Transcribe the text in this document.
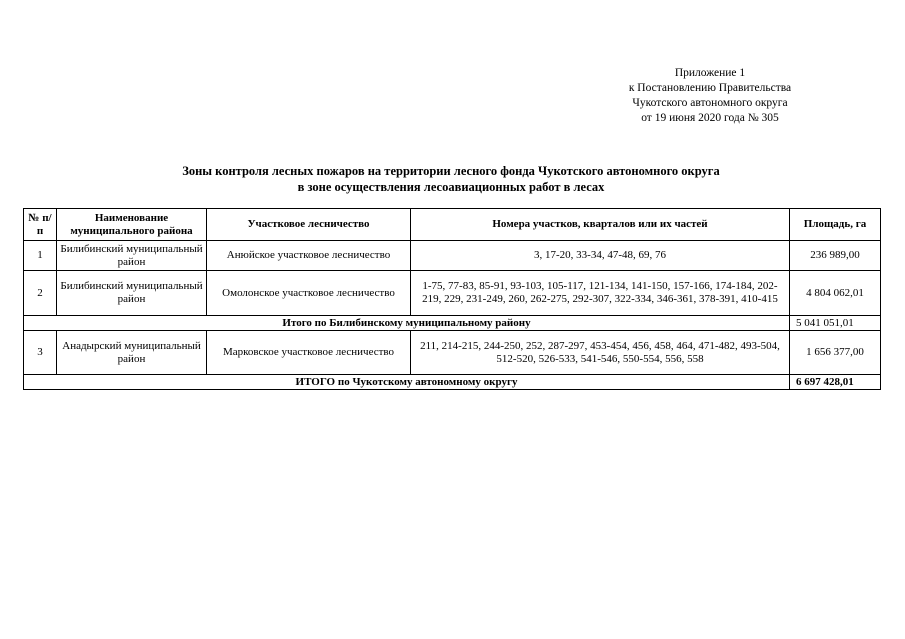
Приложение 1
к Постановлению Правительства
Чукотского автономного округа
от 19 июня 2020 года № 305
Зоны контроля лесных пожаров на территории лесного фонда Чукотского автономного округа
в зоне осуществления лесоавиационных работ в лесах
№ п/п	Наименование муниципального района	Участковое лесничество	Номера участков, кварталов или их частей	Площадь, га
1	Билибинский муниципальный район	Анюйское участковое лесничество	3, 17-20, 33-34, 47-48, 69, 76	236 989,00
2	Билибинский муниципальный район	Омолонское участковое лесничество	1-75, 77-83, 85-91, 93-103, 105-117, 121-134, 141-150, 157-166, 174-184, 202-219, 229, 231-249, 260, 262-275, 292-307, 322-334, 346-361, 378-391, 410-415	4 804 062,01
Итого по Билибинскому муниципальному району				5 041 051,01
3	Анадырский муниципальный район	Марковское участковое лесничество	211, 214-215, 244-250, 252, 287-297, 453-454, 456, 458, 464, 471-482, 493-504, 512-520, 526-533, 541-546, 550-554, 556, 558	1 656 377,00
ИТОГО по Чукотскому автономному округу				6 697 428,01
